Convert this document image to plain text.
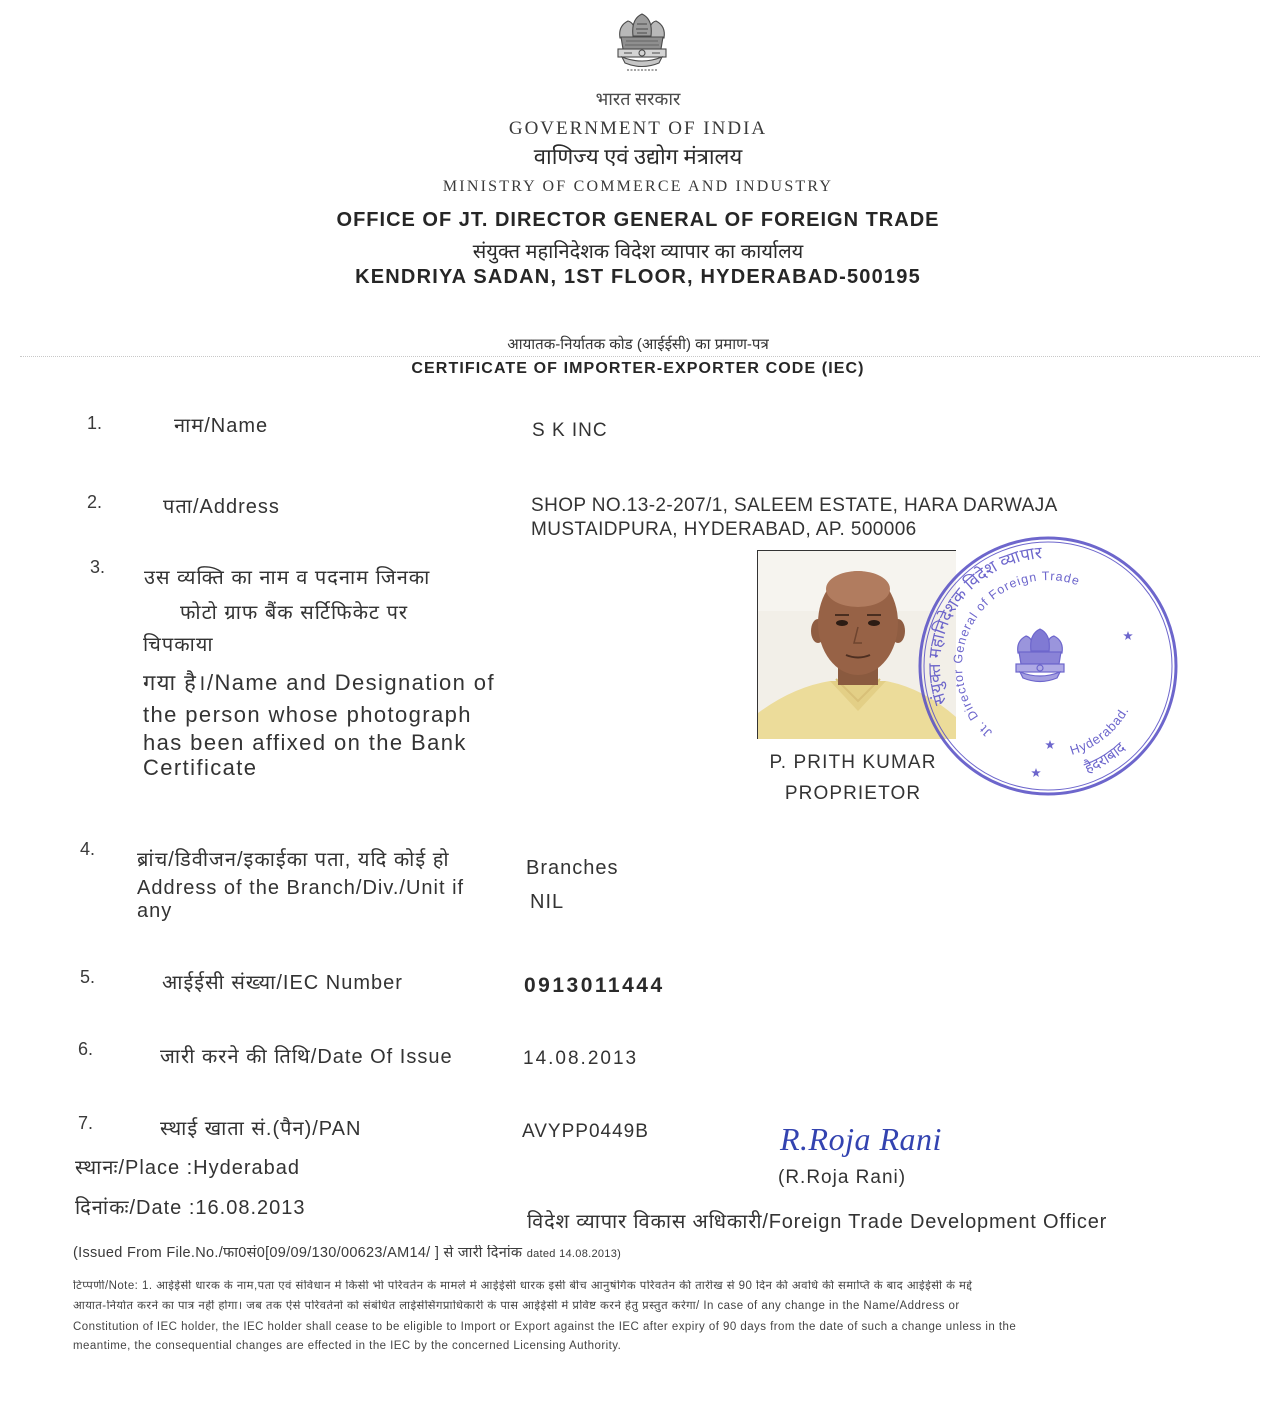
भारत सरकार
GOVERNMENT OF INDIA
वाणिज्य एवं उद्योग मंत्रालय
MINISTRY OF COMMERCE AND INDUSTRY
OFFICE OF JT. DIRECTOR GENERAL OF FOREIGN TRADE
संयुक्त महानिदेशक विदेश व्यापार का कार्यालय
KENDRIYA SADAN, 1ST FLOOR, HYDERABAD-500195
आयातक-निर्यातक कोड (आईईसी) का प्रमाण-पत्र
CERTIFICATE OF IMPORTER-EXPORTER CODE (IEC)
1.	नाम/Name	S K INC
2.	पता/Address	SHOP NO.13-2-207/1, SALEEM ESTATE, HARA DARWAJA
MUSTAIDPURA, HYDERABAD, AP. 500006
3. उस व्यक्ति का नाम व पदनाम जिनका
फोटो ग्राफ बैंक सर्टिफिकेट पर
चिपकाया
गया है।/Name and Designation of
the person whose photograph
has been affixed on the Bank
Certificate	P. PRITH KUMAR
PROPRIETOR
संयुक्त महानिदेशक विदेश व्यापार
Jt. Director General of Foreign Trade
Hyderabad.
हैदराबाद
4. ब्रांच/डिवीजन/इकाईका पता, यदि कोई हो
Address of the Branch/Div./Unit if
any
Branches
NIL
5.	आईईसी संख्या/IEC Number	0913011444
6.	जारी करने की तिथि/Date Of Issue	14.08.2013
7.	स्थाई खाता सं.(पैन)/PAN	AVYPP0449B	R.Roja Rani
(R.Roja Rani)
स्थानः/Place :Hyderabad
दिनांकः/Date :16.08.2013
विदेश व्यापार विकास अधिकारी/Foreign Trade Development Officer
(Issued From File.No./फा0सं0[09/09/130/00623/AM14/ ] से जारी दिनांक dated 14.08.2013)
टिप्पणी/Note: 1. आईईसी धारक के नाम,पता एवं संविधान में किसी भी परिवर्तन के मामले में आईईसी धारक इसी बीच आनुषंगिक परिवर्तन की तारीख से 90 दिन की अवधि की समाप्ति के बाद आईईसी के मद्दे
आयात-निर्यात करने का पात्र नहीं होगा। जब तक ऐसे परिवर्तनों को संबंधित लाईसेंसिंगप्राधिकारी के पास आईईसी में प्रविष्ट करने हेतु प्रस्तुत करेगा/ In case of any change in the Name/Address or
Constitution of IEC holder, the IEC holder shall cease to be eligible to Import or Export against the IEC after expiry of 90 days from the date of such a change unless in the
meantime, the consequential changes are effected in the IEC by the concerned Licensing Authority.
